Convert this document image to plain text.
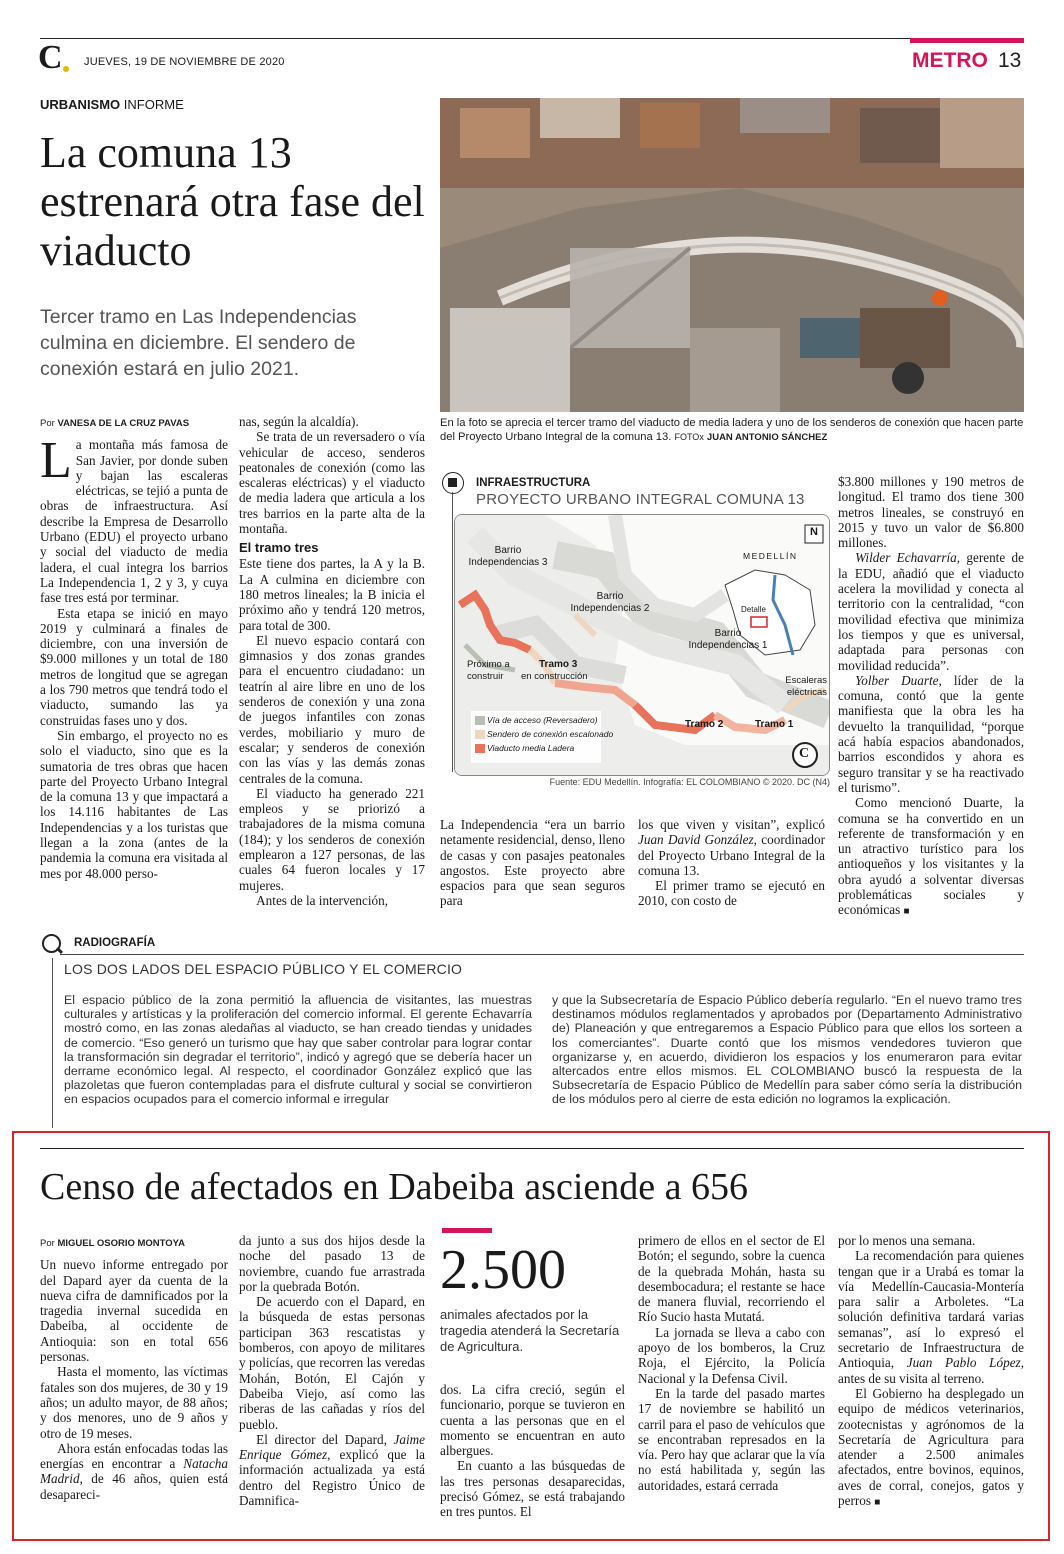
C JUEVES, 19 DE NOVIEMBRE DE 2020	METRO 13
URBANISMO INFORME
La comuna 13 estrenará otra fase del viaducto
Tercer tramo en Las Independencias culmina en diciembre. El sendero de conexión estará en julio 2021.
En la foto se aprecia el tercer tramo del viaducto de media ladera y uno de los senderos de conexión que hacen parte del Proyecto Urbano Integral de la comuna 13. FOTOx JUAN ANTONIO SÁNCHEZ
Por VANESA DE LA CRUZ PAVAS

La montaña más famosa de San Javier, por donde suben y bajan las escaleras eléctricas, se tejió a punta de obras de infraestructura. Así describe la Empresa de Desarrollo Urbano (EDU) el proyecto urbano y social del viaducto de media ladera, el cual integra los barrios La Independencia 1, 2 y 3, y cuya fase tres está por terminar.

Esta etapa se inició en mayo 2019 y culminará a finales de diciembre, con una inversión de $9.000 millones y un total de 180 metros de longitud que se agregan a los 790 metros que tendrá todo el viaducto, sumando las ya construidas fases uno y dos.

Sin embargo, el proyecto no es solo el viaducto, sino que es la sumatoria de tres obras que hacen parte del Proyecto Urbano Integral de la comuna 13 y que impactará a los 14.116 habitantes de Las Independencias y a los turistas que llegan a la zona (antes de la pandemia la comuna era visitada al mes por 48.000 perso-

nas, según la alcaldía).

Se trata de un reversadero o vía vehicular de acceso, senderos peatonales de conexión (como las escaleras eléctricas) y el viaducto de media ladera que articula a los tres barrios en la parte alta de la montaña.

El tramo tres

Este tiene dos partes, la A y la B. La A culmina en diciembre con 180 metros lineales; la B inicia el próximo año y tendrá 120 metros, para total de 300.

El nuevo espacio contará con gimnasios y dos zonas grandes para el encuentro ciudadano: un teatrín al aire libre en uno de los senderos de conexión y una zona de juegos infantiles con zonas verdes, mobiliario y muro de escalar; y senderos de conexión con las vías y las demás zonas centrales de la comuna.

El viaducto ha generado 221 empleos y se priorizó a trabajadores de la misma comuna (184); y los senderos de conexión emplearon a 127 personas, de las cuales 64 fueron locales y 17 mujeres.

Antes de la intervención,

INFRAESTRUCTURA
PROYECTO URBANO INTEGRAL COMUNA 13
Barrio Independencias 3
Barrio Independencias 2
Barrio Independencias 1
Próximo a construir
Tramo 3
en construcción
Tramo 2	Tramo 1
Escaleras eléctricas
MEDELLÍN
Detalle
N
Vía de acceso (Reversadero)
Sendero de conexión escalonado
Viaducto media Ladera	C
Fuente: EDU Medellín. Infografía: EL COLOMBIANO © 2020. DC (N4)

La Independencia “era un barrio netamente residencial, denso, lleno de casas y con pasajes peatonales angostos. Este proyecto abre espacios para que sean seguros para

los que viven y visitan”, explicó Juan David González, coordinador del Proyecto Urbano Integral de la comuna 13.

El primer tramo se ejecutó en 2010, con costo de

$3.800 millones y 190 metros de longitud. El tramo dos tiene 300 metros lineales, se construyó en 2015 y tuvo un valor de $6.800 millones.

Wilder Echavarría, gerente de la EDU, añadió que el viaducto acelera la movilidad y conecta al territorio con la centralidad, “con movilidad efectiva que minimiza los tiempos y que es universal, adaptada para personas con movilidad reducida”.

Yolber Duarte, líder de la comuna, contó que la gente manifiesta que la obra les ha devuelto la tranquilidad, “porque acá había espacios abandonados, barrios escondidos y ahora es seguro transitar y se ha reactivado el turismo”.

Como mencionó Duarte, la comuna se ha convertido en un referente de transformación y en un atractivo turístico para los antioqueños y los visitantes y la obra ayudó a solventar diversas problemáticas sociales y económicas ■

RADIOGRAFÍA
LOS DOS LADOS DEL ESPACIO PÚBLICO Y EL COMERCIO
El espacio público de la zona permitió la afluencia de visitantes, las muestras culturales y artísticas y la proliferación del comercio informal. El gerente Echavarría mostró como, en las zonas aledañas al viaducto, se han creado tiendas y unidades de comercio. “Eso generó un turismo que hay que saber controlar para lograr contar la transformación sin degradar el territorio”, indicó y agregó que se debería hacer un derrame económico legal. Al respecto, el coordinador González explicó que las plazoletas que fueron contempladas para el disfrute cultural y social se convirtieron en espacios ocupados para el comercio informal e irregular
y que la Subsecretaría de Espacio Público debería regularlo. “En el nuevo tramo tres destinamos módulos reglamentados y aprobados por (Departamento Administrativo de) Planeación y que entregaremos a Espacio Público para que ellos los sorteen a los comerciantes”. Duarte contó que los mismos vendedores tuvieron que organizarse y, en acuerdo, dividieron los espacios y los enumeraron para evitar altercados entre ellos mismos. EL COLOMBIANO buscó la respuesta de la Subsecretaría de Espacio Público de Medellín para saber cómo sería la distribución de los módulos pero al cierre de esta edición no logramos la explicación.
Censo de afectados en Dabeiba asciende a 656
Por MIGUEL OSORIO MONTOYA

Un nuevo informe entregado por del Dapard ayer da cuenta de la nueva cifra de damnificados por la tragedia invernal sucedida en Dabeiba, al occidente de Antioquia: son en total 656 personas.

Hasta el momento, las víctimas fatales son dos mujeres, de 30 y 19 años; un adulto mayor, de 88 años; y dos menores, uno de 9 años y otro de 19 meses.

Ahora están enfocadas todas las energías en encontrar a Natacha Madrid, de 46 años, quien está desapareci-

da junto a sus dos hijos desde la noche del pasado 13 de noviembre, cuando fue arrastrada por la quebrada Botón.

De acuerdo con el Dapard, en la búsqueda de estas personas participan 363 rescatistas y bomberos, con apoyo de militares y policías, que recorren las veredas Mohán, Botón, El Cajón y Dabeiba Viejo, así como las riberas de las cañadas y ríos del pueblo.

El director del Dapard, Jaime Enrique Gómez, explicó que la información actualizada ya está dentro del Registro Único de Damnifica-

2.500
animales afectados por la tragedia atenderá la Secretaría de Agricultura.

dos. La cifra creció, según el funcionario, porque se tuvieron en cuenta a las personas que en el momento se encuentran en auto albergues.

En cuanto a las búsquedas de las tres personas desaparecidas, precisó Gómez, se está trabajando en tres puntos. El

primero de ellos en el sector de El Botón; el segundo, sobre la cuenca de la quebrada Mohán, hasta su desembocadura; el restante se hace de manera fluvial, recorriendo el Río Sucio hasta Mutatá.

La jornada se lleva a cabo con apoyo de los bomberos, la Cruz Roja, el Ejército, la Policía Nacional y la Defensa Civil.

En la tarde del pasado martes 17 de noviembre se habilitó un carril para el paso de vehículos que se encontraban represados en la vía. Pero hay que aclarar que la vía no está habilitada y, según las autoridades, estará cerrada

por lo menos una semana.

La recomendación para quienes tengan que ir a Urabá es tomar la vía Medellín-Caucasia-Montería para salir a Arboletes. “La solución definitiva tardará varias semanas”, así lo expresó el secretario de Infraestructura de Antioquia, Juan Pablo López, antes de su visita al terreno.

El Gobierno ha desplegado un equipo de médicos veterinarios, zootecnistas y agrónomos de la Secretaría de Agricultura para atender a 2.500 animales afectados, entre bovinos, equinos, aves de corral, conejos, gatos y perros ■
